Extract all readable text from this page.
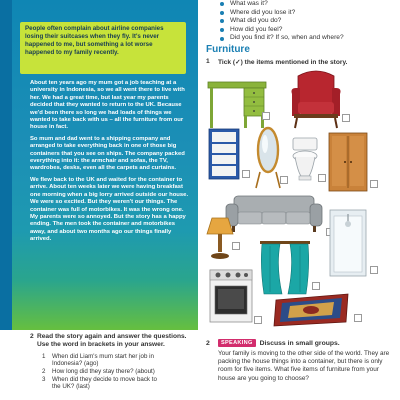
People often complain about airline companies losing their suitcases when they fly. It's never happened to me, but something a lot worse happened to my family recently.

About ten years ago my mum got a job teaching at a university in Indonesia, so we all went there to live with her. We had a great time, but last year my parents decided that they wanted to return to the UK. Because we'd been there so long we had loads of things we wanted to take back with us – all the furniture from our house in fact.

So mum and dad went to a shipping company and arranged to take everything back in one of those big containers that you see on ships. The company packed everything into it: the armchair and sofas, the TV, wardrobes, desks, even all the carpets and curtains.

We flew back to the UK and waited for the container to arrive. About ten weeks later we were having breakfast one morning when a big lorry arrived outside our house. We were so excited. But they weren't our things. The container was full of motorbikes. It was the wrong one. My parents were so annoyed. But the story has a happy ending. The men took the container and motorbikes away, and about two months ago our things finally arrived.

2 Read the story again and answer the questions. Use the word in brackets in your answer.
1	When did Liam's mum start her job in
Indonesia? (ago)
2	How long did they stay there? (about)
3	When did they decide to move back to
the UK? (last)
What was it?
Where did you lose it?
What did you do?
How did you feel?
Did you find it? If so, when and where?
Furniture
1	Tick (✓) the items mentioned in the story.
2	SPEAKING	Discuss in small groups.
Your family is moving to the other side of the world. They are packing the house things into a container, but there is only room for five items. What five items of furniture from your house are you going to choose?
